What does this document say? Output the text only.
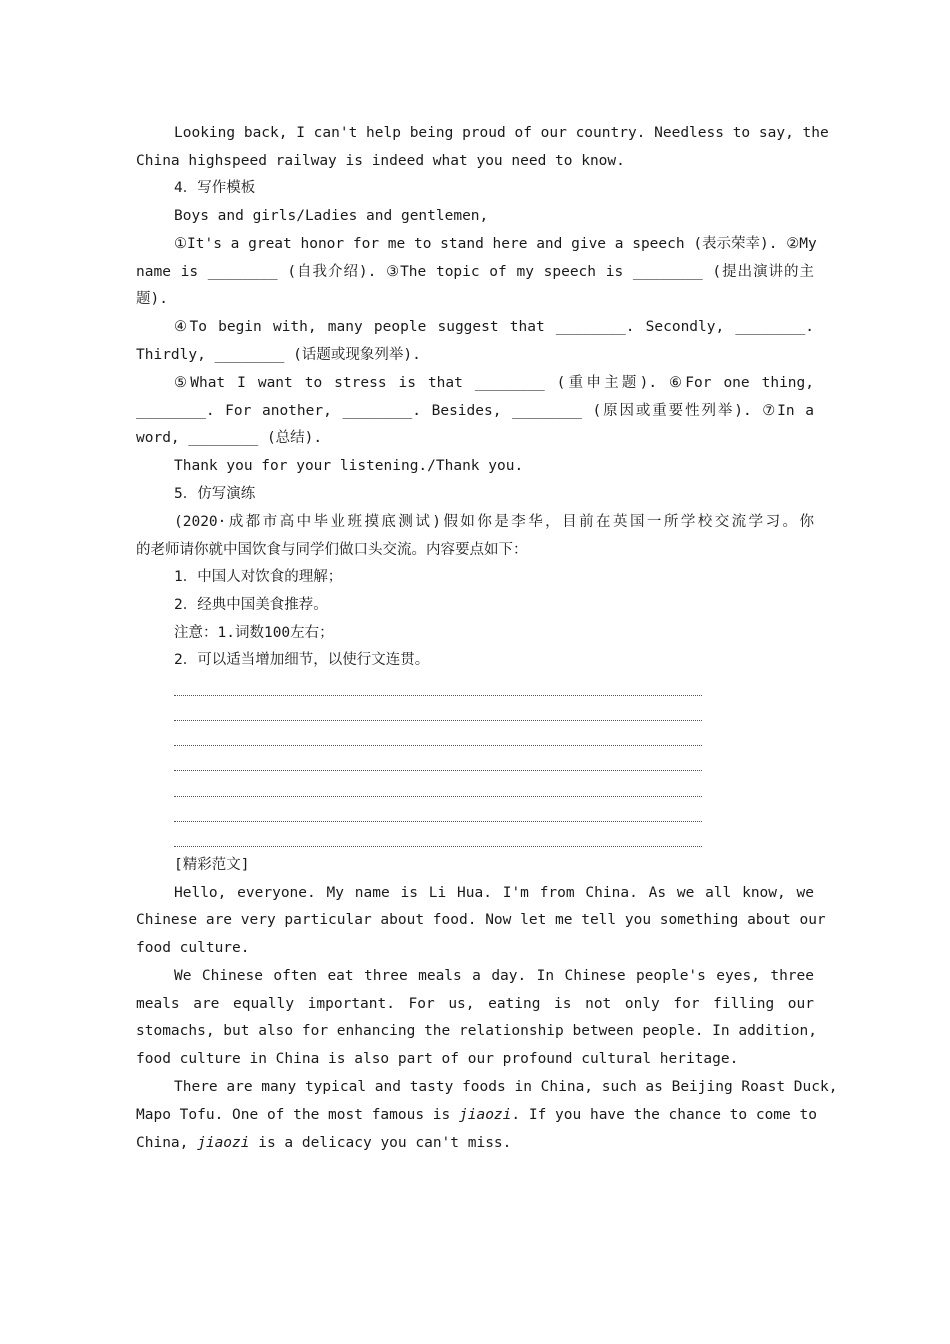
Looking back, I can't help being proud of our country. Needless to say, the
China highspeed railway is indeed what you need to know.
4．写作模板
Boys and girls/Ladies and gentlemen,
①It's a great honor for me to stand here and give a speech (表示荣幸). ②My
name is ________ (自我介绍). ③The topic of my speech is ________ (提出演讲的主
题).
④To begin with, many people suggest that ________. Secondly, ________.
Thirdly, ________ (话题或现象列举).
⑤What I want to stress is that ________ (重申主题). ⑥For one thing,
________. For another, ________. Besides, ________ (原因或重要性列举). ⑦In a
word, ________ (总结).
Thank you for your listening./Thank you.
5．仿写演练
(2020·成都市高中毕业班摸底测试)假如你是李华，目前在英国一所学校交流学习。你
的老师请你就中国饮食与同学们做口头交流。内容要点如下：
1．中国人对饮食的理解；
2．经典中国美食推荐。
注意：1.词数100左右；
2．可以适当增加细节，以使行文连贯。
[精彩范文]
Hello, everyone. My name is Li Hua. I'm from China. As we all know, we
Chinese are very particular about food. Now let me tell you something about our
food culture.
We Chinese often eat three meals a day. In Chinese people's eyes, three
meals are equally important. For us, eating is not only for filling our
stomachs, but also for enhancing the relationship between people. In addition,
food culture in China is also part of our profound cultural heritage.
There are many typical and tasty foods in China, such as Beijing Roast Duck,
Mapo Tofu. One of the most famous is jiaozi. If you have the chance to come to
China, jiaozi is a delicacy you can't miss.
